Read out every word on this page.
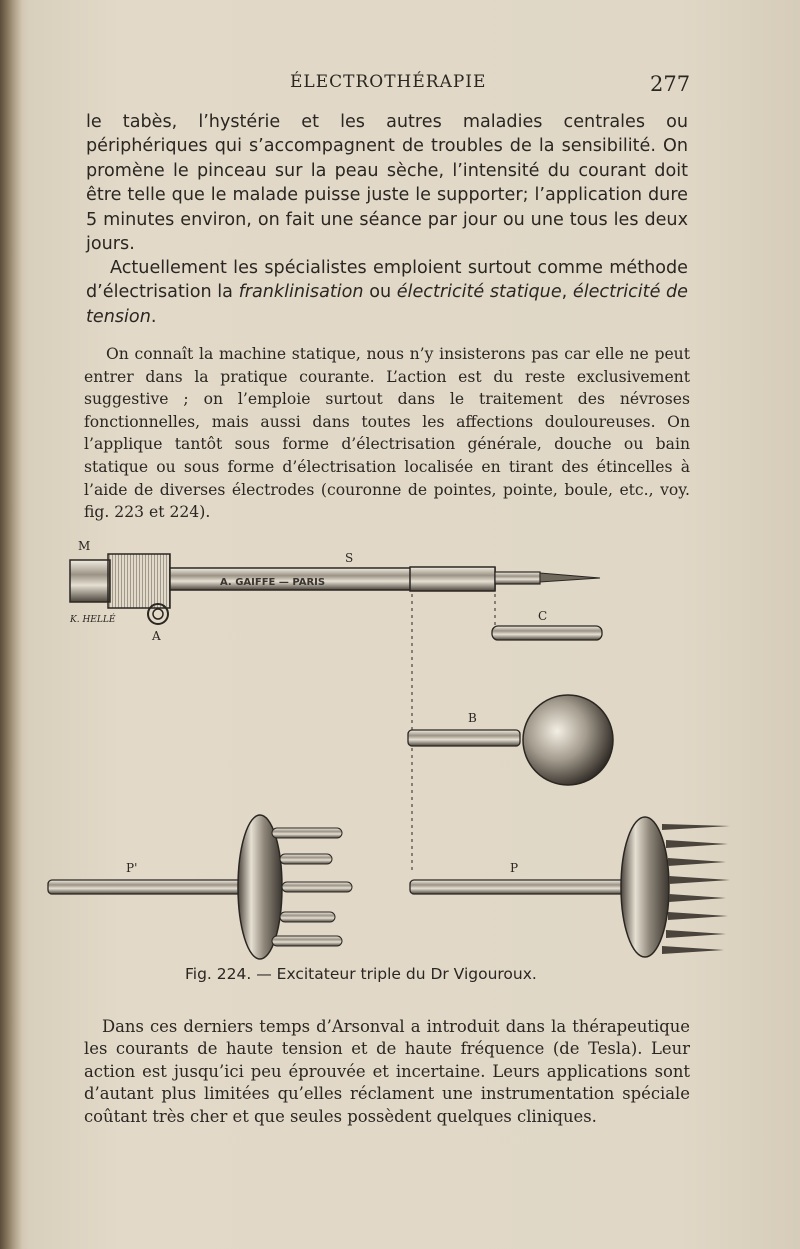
ÉLECTROTHÉRAPIE	277

le tabès, l’hystérie et les autres maladies centrales ou périphériques qui s’accompagnent de troubles de la sensibilité. On promène le pinceau sur la peau sèche, l’intensité du courant doit être telle que le malade puisse juste le supporter; l’application dure 5 minutes environ, on fait une séance par jour ou une tous les deux jours.

Actuellement les spécialistes emploient surtout comme méthode d’électrisation la franklinisation ou électricité statique, électricité de tension.

On connaît la machine statique, nous n’y insisterons pas car elle ne peut entrer dans la pratique courante. L’action est du reste exclusivement suggestive ; on l’emploie surtout dans le traitement des névroses fonctionnelles, mais aussi dans toutes les affections douloureuses. On l’applique tantôt sous forme d’électrisation générale, douche ou bain statique ou sous forme d’électrisation localisée en tirant des étincelles à l’aide de diverses électrodes (couronne de pointes, pointe, boule, etc., voy. fig. 223 et 224).

A. GAIFFE — PARIS
M
S
A
K. HELLÉ	C
B
P'	P
Fig. 224. — Excitateur triple du Dr Vigouroux.

Dans ces derniers temps d’Arsonval a introduit dans la thérapeutique les courants de haute tension et de haute fréquence (de Tesla). Leur action est jusqu’ici peu éprouvée et incertaine. Leurs applications sont d’autant plus limitées qu’elles réclament une instrumentation spéciale coûtant très cher et que seules possèdent quelques cliniques.
